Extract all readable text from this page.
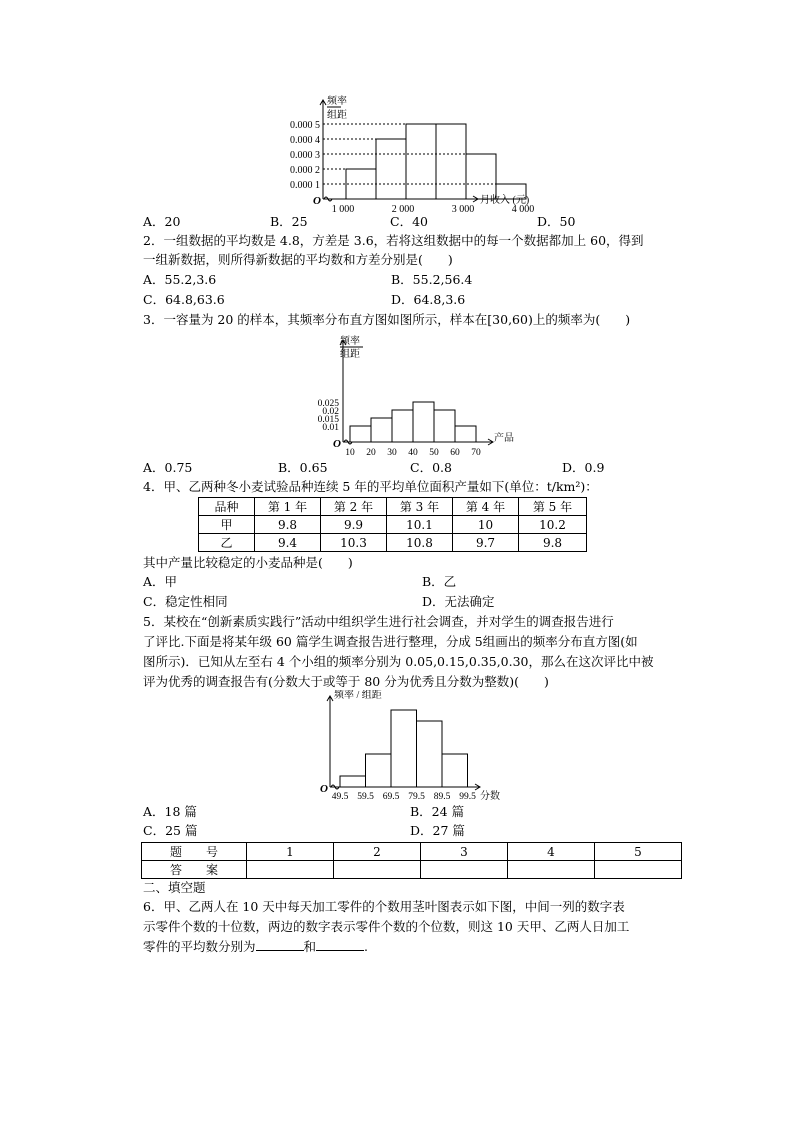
O
频率
组距
0.000 1
0.000 2
0.000 3
0.000 4
0.000 5
1 000	2 000	3 000	4 000
月收入 (元)
A．20	B．25	C．40	D．50
2．一组数据的平均数是 4.8，方差是 3.6，若将这组数据中的每一个数据都加上 60，得到
一组新数据，则所得新数据的平均数和方差分别是(　　)
A．55.2,3.6	B．55.2,56.4
C．64.8,63.6	D．64.8,3.6
3．一容量为 20 的样本，其频率分布直方图如图所示，样本在[30,60)上的频率为(　　)
O
频率
组距
0.01
0.015
0.02
0.025
10 20 30 40 50 60 70
产品
A．0.75	B．0.65	C．0.8	D．0.9
4．甲、乙两种冬小麦试验品种连续 5 年的平均单位面积产量如下(单位：t/km²)：
品种	第 1 年	第 2 年	第 3 年	第 4 年	第 5 年
甲	9.8	9.9	10.1	10	10.2
乙	9.4	10.3	10.8	9.7	9.8
其中产量比较稳定的小麦品种是(　　)
A．甲	B．乙
C．稳定性相同	D．无法确定
5．某校在“创新素质实践行”活动中组织学生进行社会调查，并对学生的调查报告进行
了评比.下面是将某年级 60 篇学生调查报告进行整理，分成 5组画出的频率分布直方图(如
图所示)．已知从左至右 4 个小组的频率分别为 0.05,0.15,0.35,0.30，那么在这次评比中被
评为优秀的调查报告有(分数大于或等于 80 分为优秀且分数为整数)(　　)
O
频率 / 组距
49.5 59.5 69.5 79.5 89.5 99.5 分数
A．18 篇	B．24 篇
C．25 篇	D．27 篇
题　　号	1	2	3	4	5
答　　案					
二、填空题
6．甲、乙两人在 10 天中每天加工零件的个数用茎叶图表示如下图，中间一列的数字表
示零件个数的十位数，两边的数字表示零件个数的个位数，则这 10 天甲、乙两人日加工
零件的平均数分别为	和	.
